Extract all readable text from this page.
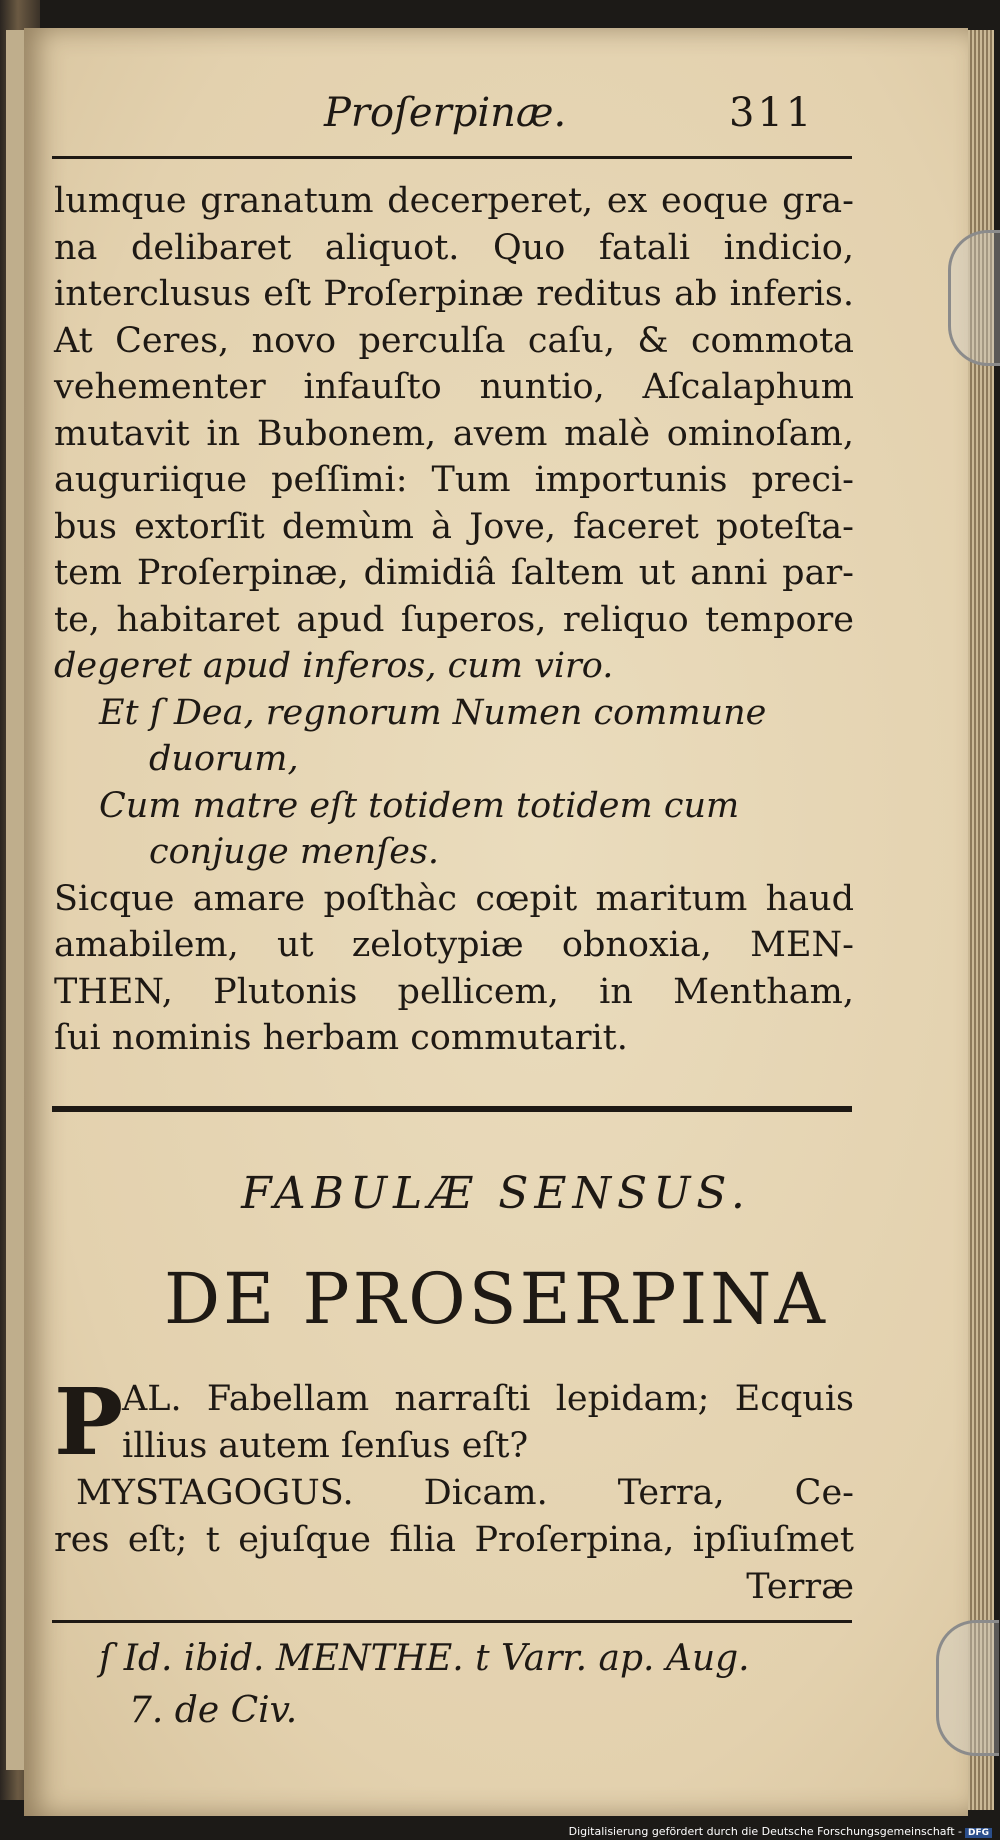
Proſerpinæ.	311
lumque granatum decerperet, ex eoque gra-
na delibaret aliquot. Quo fatali indicio,
interclusus eſt Proſerpinæ reditus ab inferis.
At Ceres, novo perculſa caſu, & commota
vehementer infauſto nuntio, Aſcalaphum
mutavit in Bubonem, avem malè ominoſam,
auguriique peſſimi: Tum importunis preci-
bus extorſit demùm à Jove, faceret poteſta-
tem Proſerpinæ, dimidiâ ſaltem ut anni par-
te, habitaret apud ſuperos, reliquo tempore
degeret apud inferos, cum viro.
Et ſ Dea, regnorum Numen commune
duorum,
Cum matre eſt totidem totidem cum
conjuge menſes.
Sicque amare poſthàc cœpit maritum haud
amabilem, ut zelotypiæ obnoxia, MEN-
THEN, Plutonis pellicem, in Mentham,
ſui nominis herbam commutarit.
FABULÆ SENSUS.
DE PROSERPINA
P
AL. Fabellam narraſti lepidam; Ecquis
illius autem ſenſus eſt?
MYSTAGOGUS. Dicam. Terra, Ce-
res eſt; t ejuſque filia Proſerpina, ipſiuſmet
Terræ
ſ Id. ibid. MENTHE. t Varr. ap. Aug.
7. de Civ.
Digitalisierung gefördert durch die Deutsche Forschungsgemeinschaft - DFG
